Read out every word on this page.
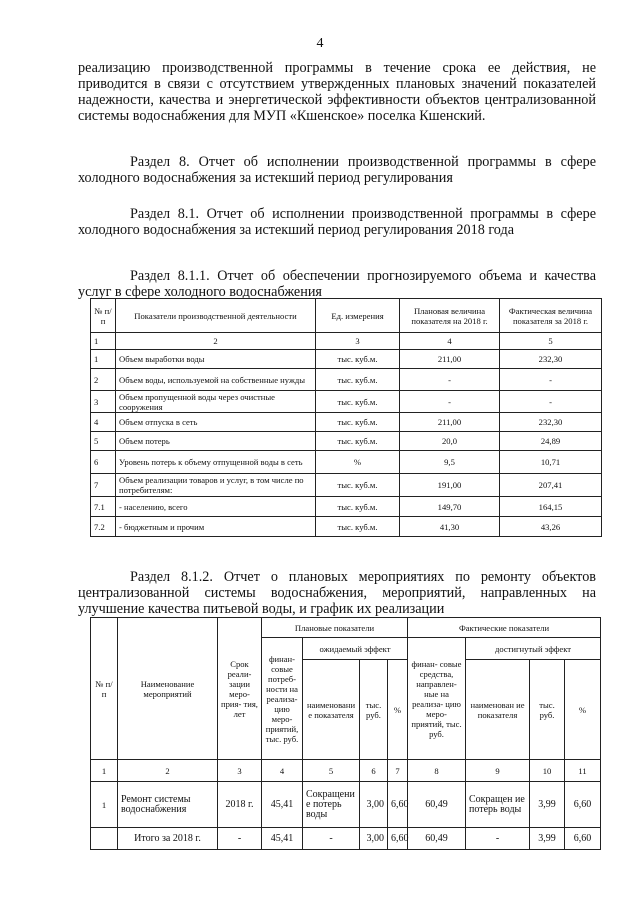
4
реализацию производственной программы в течение срока ее действия, не
приводится в связи с отсутствием утвержденных плановых значений показателей
надежности, качества и энергетической эффективности объектов централизованной
системы водоснабжения для МУП «Кшенское» поселка Кшенский.
Раздел 8. Отчет об исполнении производственной программы в сфере
холодного водоснабжения за истекший период регулирования
Раздел 8.1. Отчет об исполнении производственной программы в сфере
холодного водоснабжения за истекший период регулирования 2018 года
Раздел 8.1.1. Отчет об обеспечении прогнозируемого объема и качества
услуг в сфере холодного водоснабжения
№ п/п	Показатели производственной деятельности	Ед. измерения	Плановая величина показателя на 2018 г.	Фактическая величина показателя за 2018 г.
1	2	3	4	5
1	Объем выработки воды	тыс. куб.м.	211,00	232,30
2	Объем воды, используемой на собственные нужды	тыс. куб.м.	-	-
3	Объем пропущенной воды через очистные сооружения	тыс. куб.м.	-	-
4	Объем отпуска в сеть	тыс. куб.м.	211,00	232,30
5	Объем потерь	тыс. куб.м.	20,0	24,89
6	Уровень потерь к объему отпущенной воды в сеть	%	9,5	10,71
7	Объем реализации товаров и услуг, в том числе по потребителям:	тыс. куб.м.	191,00	207,41
7.1	- населению, всего	тыс. куб.м.	149,70	164,15
7.2	- бюджетным и прочим	тыс. куб.м.	41,30	43,26
Раздел 8.1.2. Отчет о плановых мероприятиях по ремонту объектов
централизованной системы водоснабжения, мероприятий, направленных на
улучшение качества питьевой воды, и график их реализации
№ п/п	Наименование мероприятий	Срок реали- зации меро- прия- тия, лет	Плановые показатели				Фактические показатели			
			финан- совые потреб- ности на реализа- цию меро- приятий, тыс. руб.	ожидаемый эффект			финан- совые средства, направлен- ные на реализа- цию меро- приятий, тыс. руб.	достигнутый эффект		
				наименовани е показателя	тыс. руб.	%		наименован ие показателя	тыс. руб.	%
1	2	3	4	5	6	7	8	9	10	11
1	Ремонт системы водоснабжения	2018 г.	45,41	Сокращени е потерь воды	3,00	6,60	60,49	Сокращен ие потерь воды	3,99	6,60
	Итого за 2018 г.	-	45,41	-	3,00	6,60	60,49	-	3,99	6,60
